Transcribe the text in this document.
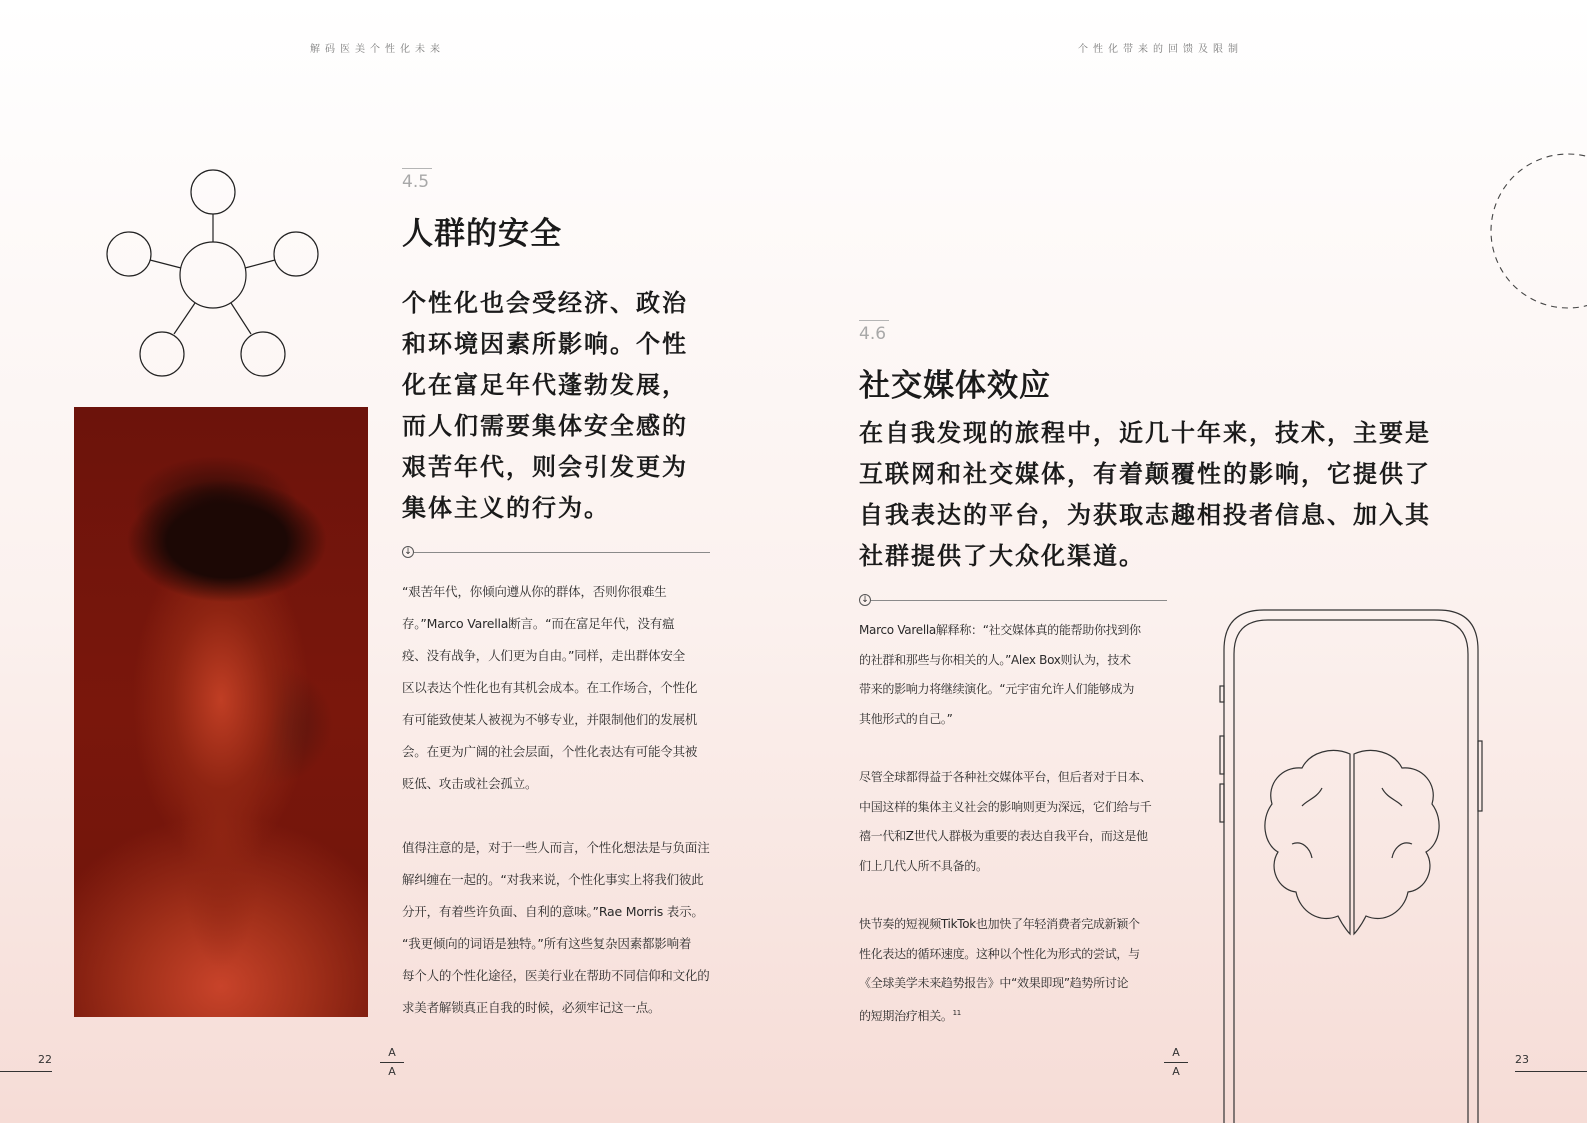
解码医美个性化未来	个性化带来的回馈及限制
4.5
人群的安全
个性化也会受经济、政治
和环境因素所影响。个性
化在富足年代蓬勃发展，
而人们需要集体安全感的
艰苦年代，则会引发更为
集体主义的行为。
↓

“艰苦年代，你倾向遵从你的群体，否则你很难生

存。”Marco Varella断言。“而在富足年代，没有瘟

疫、没有战争，人们更为自由。”同样，走出群体安全

区以表达个性化也有其机会成本。在工作场合，个性化

有可能致使某人被视为不够专业，并限制他们的发展机

会。在更为广阔的社会层面，个性化表达有可能令其被

贬低、攻击或社会孤立。

值得注意的是，对于一些人而言，个性化想法是与负面注

解纠缠在一起的。“对我来说，个性化事实上将我们彼此

分开，有着些许负面、自利的意味。”Rae Morris 表示。

“我更倾向的词语是独特。”所有这些复杂因素都影响着

每个人的个性化途径，医美行业在帮助不同信仰和文化的

求美者解锁真正自我的时候，必须牢记这一点。

22
A
A
4.6
社交媒体效应
在自我发现的旅程中，近几十年来，技术，主要是
互联网和社交媒体，有着颠覆性的影响，它提供了
自我表达的平台，为获取志趣相投者信息、加入其
社群提供了大众化渠道。
↓

Marco Varella解释称：“社交媒体真的能帮助你找到你

的社群和那些与你相关的人。”Alex Box则认为，技术

带来的影响力将继续演化。“元宇宙允许人们能够成为

其他形式的自己。”

尽管全球都得益于各种社交媒体平台，但后者对于日本、

中国这样的集体主义社会的影响则更为深远，它们给与千

禧一代和Z世代人群极为重要的表达自我平台，而这是他

们上几代人所不具备的。

快节奏的短视频TikTok也加快了年轻消费者完成新颖个

性化表达的循环速度。这种以个性化为形式的尝试，与

《全球美学未来趋势报告》中“效果即现”趋势所讨论

的短期治疗相关。$^{11}$

A
A
23
